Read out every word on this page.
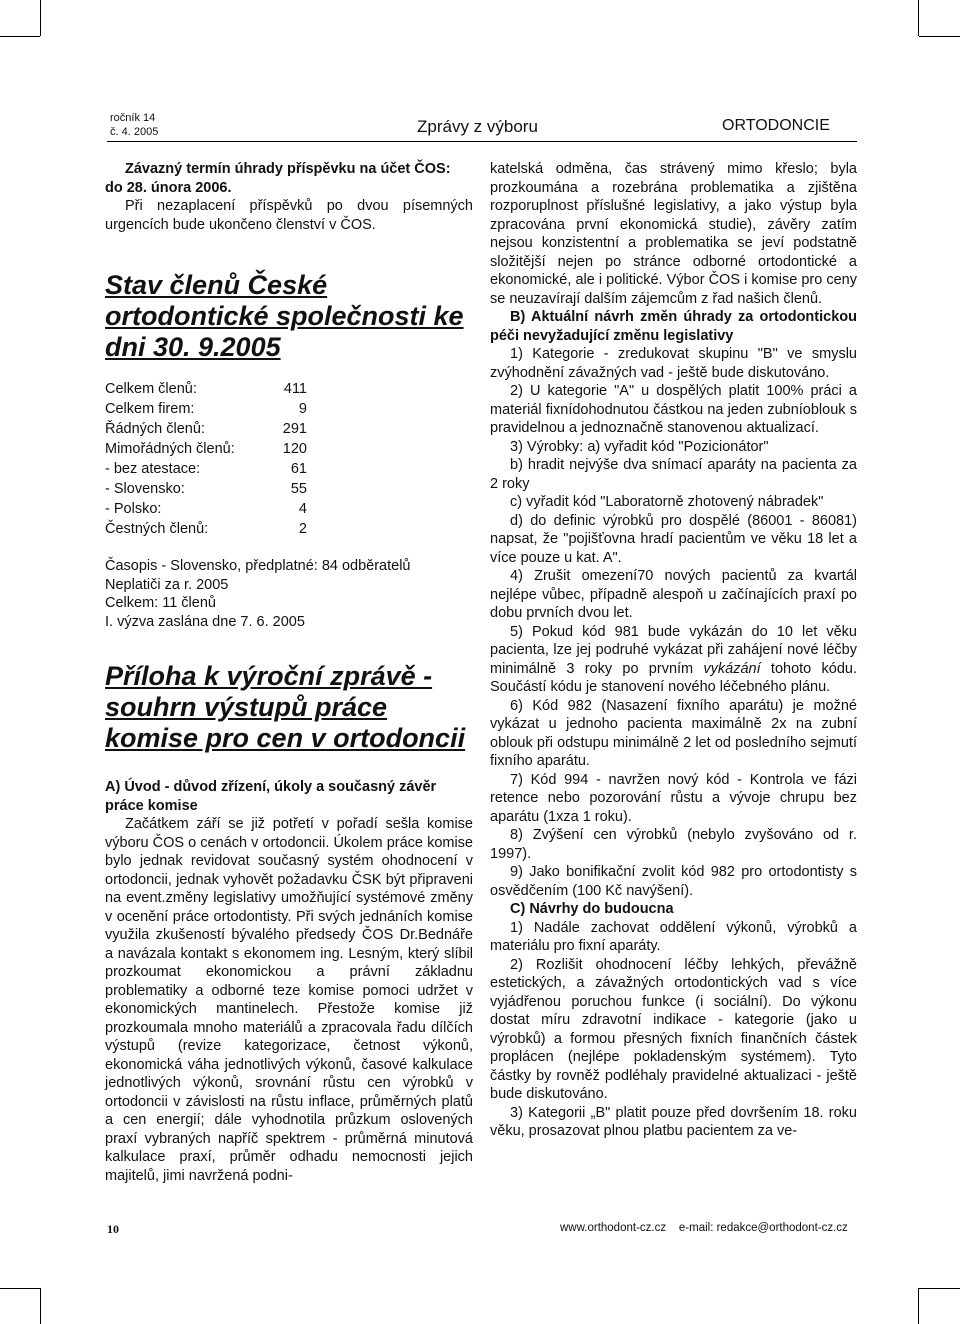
ročník 14
č. 4. 2005	Zprávy z výboru	ORTODONCIE

Závazný termín úhrady příspěvku na účet ČOS:
do 28. února 2006.

Při nezaplacení příspěvků po dvou písemných urgencích bude ukončeno členství v ČOS.

Stav členů České ortodontické společnosti ke dni 30. 9.2005
Celkem členů:	411
Celkem firem:	9
Řádných členů:	291
Mimořádných členů:	120
- bez atestace:	61
- Slovensko:	55
- Polsko:	4
Čestných členů:	2
Časopis - Slovensko, předplatné: 84 odběratelů
Neplatiči za r. 2005
Celkem: 11 členů
I. výzva zaslána dne 7. 6. 2005
Příloha k výroční zprávě - souhrn výstupů práce komise pro cen v ortodoncii

A) Úvod - důvod zřízení, úkoly a současný závěr práce komise

Začátkem září se již potřetí v pořadí sešla komise výboru ČOS o cenách v ortodoncii. Úkolem práce komise bylo jednak revidovat současný systém ohodnocení v ortodoncii, jednak vyhovět požadavku ČSK být připraveni na event.změny legislativy umožňující systémové změny v ocenění práce ortodontisty. Při svých jednáních komise využila zkušeností bývalého předsedy ČOS Dr.Bednáře a navázala kontakt s ekonomem ing. Lesným, který slíbil prozkoumat ekonomickou a právní základnu problematiky a odborné teze komise pomoci udržet v ekonomických mantinelech. Přestože komise již prozkoumala mnoho materiálů a zpracovala řadu dílčích výstupů (revize kategorizace, četnost výkonů, ekonomická váha jednotlivých výkonů, časové kalkulace jednotlivých výkonů, srovnání růstu cen výrobků v ortodoncii v závislosti na růstu inflace, průměrných platů a cen energií; dále vyhodnotila průzkum oslovených praxí vybraných napříč spektrem - průměrná minutová kalkulace praxí, průměr odhadu nemocnosti jejich majitelů, jimi navržená podni-

katelská odměna, čas strávený mimo křeslo; byla prozkoumána a rozebrána problematika a zjištěna rozporuplnost příslušné legislativy, a jako výstup byla zpracována první ekonomická studie), závěry zatím nejsou konzistentní a problematika se jeví podstatně složitější nejen po stránce odborné ortodontické a ekonomické, ale i politické. Výbor ČOS i komise pro ceny se neuzavírají dalším zájemcům z řad našich členů.

B) Aktuální návrh změn úhrady za ortodontickou péči nevyžadující změnu legislativy

1) Kategorie - zredukovat skupinu "B" ve smyslu zvýhodnění závažných vad - ještě bude diskutováno.

2) U kategorie "A" u dospělých platit 100% práci a materiál fixnídohodnutou částkou na jeden zubníoblouk s pravidelnou a jednoznačně stanovenou aktualizací.

3) Výrobky: a) vyřadit kód "Pozicionátor"

b) hradit nejvýše dva snímací aparáty na pacienta za 2 roky

c) vyřadit kód "Laboratorně zhotovený nábradek"

d) do definic výrobků pro dospělé (86001 - 86081) napsat, že "pojišťovna hradí pacientům ve věku 18 let a více pouze u kat. A".

4) Zrušit omezení70 nových pacientů za kvartál nejlépe vůbec, případně alespoň u začínajících praxí po dobu prvních dvou let.

5) Pokud kód 981 bude vykázán do 10 let věku pacienta, lze jej podruhé vykázat při zahájení nové léčby minimálně 3 roky po prvním vykázání tohoto kódu. Součástí kódu je stanovení nového léčebného plánu.

6) Kód 982 (Nasazení fixního aparátu) je možné vykázat u jednoho pacienta maximálně 2x na zubní oblouk při odstupu minimálně 2 let od posledního sejmutí fixního aparátu.

7) Kód 994 - navržen nový kód - Kontrola ve fázi retence nebo pozorování růstu a vývoje chrupu bez aparátu (1xza 1 roku).

8) Zvýšení cen výrobků (nebylo zvyšováno od r. 1997).

9) Jako bonifikační zvolit kód 982 pro ortodontisty s osvědčením (100 Kč navýšení).

C) Návrhy do budoucna

1) Nadále zachovat oddělení výkonů, výrobků a materiálu pro fixní aparáty.

2) Rozlišit ohodnocení léčby lehkých, převážně estetických, a závažných ortodontických vad s více vyjádřenou poruchou funkce (i sociální). Do výkonu dostat míru zdravotní indikace - kategorie (jako u výrobků) a formou přesných fixních finančních částek proplácen (nejlépe pokladenským systémem). Tyto částky by rovněž podléhaly pravidelné aktualizaci - ještě bude diskutováno.

3) Kategorii „B" platit pouze před dovršením 18. roku věku, prosazovat plnou platbu pacientem za ve-

10	www.orthodont-cz.cz e-mail: redakce@orthodont-cz.cz
